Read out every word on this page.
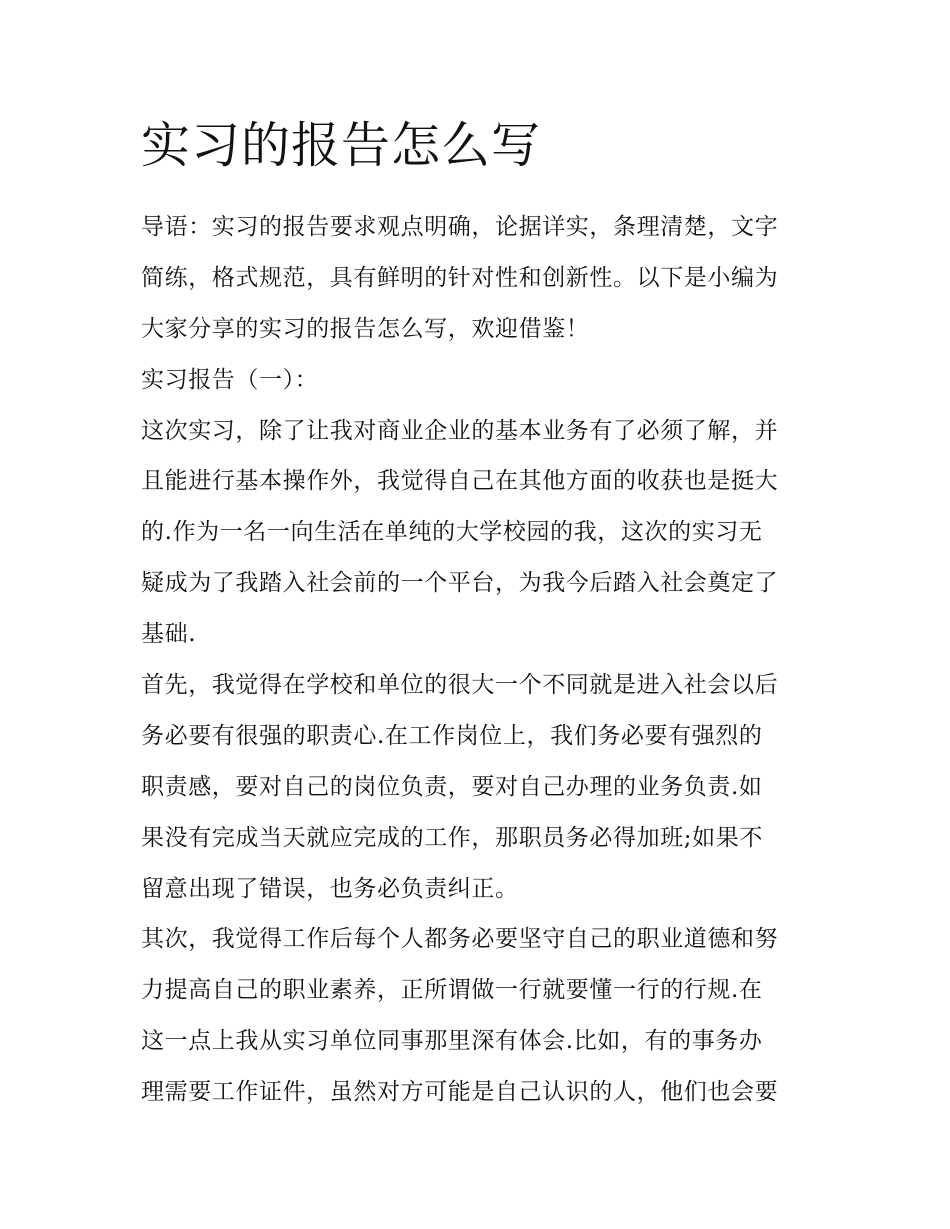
实习的报告怎么写
导语：实习的报告要求观点明确，论据详实，条理清楚，文字
简练，格式规范，具有鲜明的针对性和创新性。以下是小编为
大家分享的实习的报告怎么写，欢迎借鉴！
实习报告（一）：
这次实习，除了让我对商业企业的基本业务有了必须了解，并
且能进行基本操作外，我觉得自己在其他方面的收获也是挺大
的.作为一名一向生活在单纯的大学校园的我，这次的实习无
疑成为了我踏入社会前的一个平台，为我今后踏入社会奠定了
基础.
首先，我觉得在学校和单位的很大一个不同就是进入社会以后
务必要有很强的职责心.在工作岗位上，我们务必要有强烈的
职责感，要对自己的岗位负责，要对自己办理的业务负责.如
果没有完成当天就应完成的工作，那职员务必得加班;如果不
留意出现了错误，也务必负责纠正。
其次，我觉得工作后每个人都务必要坚守自己的职业道德和努
力提高自己的职业素养，正所谓做一行就要懂一行的行规.在
这一点上我从实习单位同事那里深有体会.比如，有的事务办
理需要工作证件，虽然对方可能是自己认识的人，他们也会要
